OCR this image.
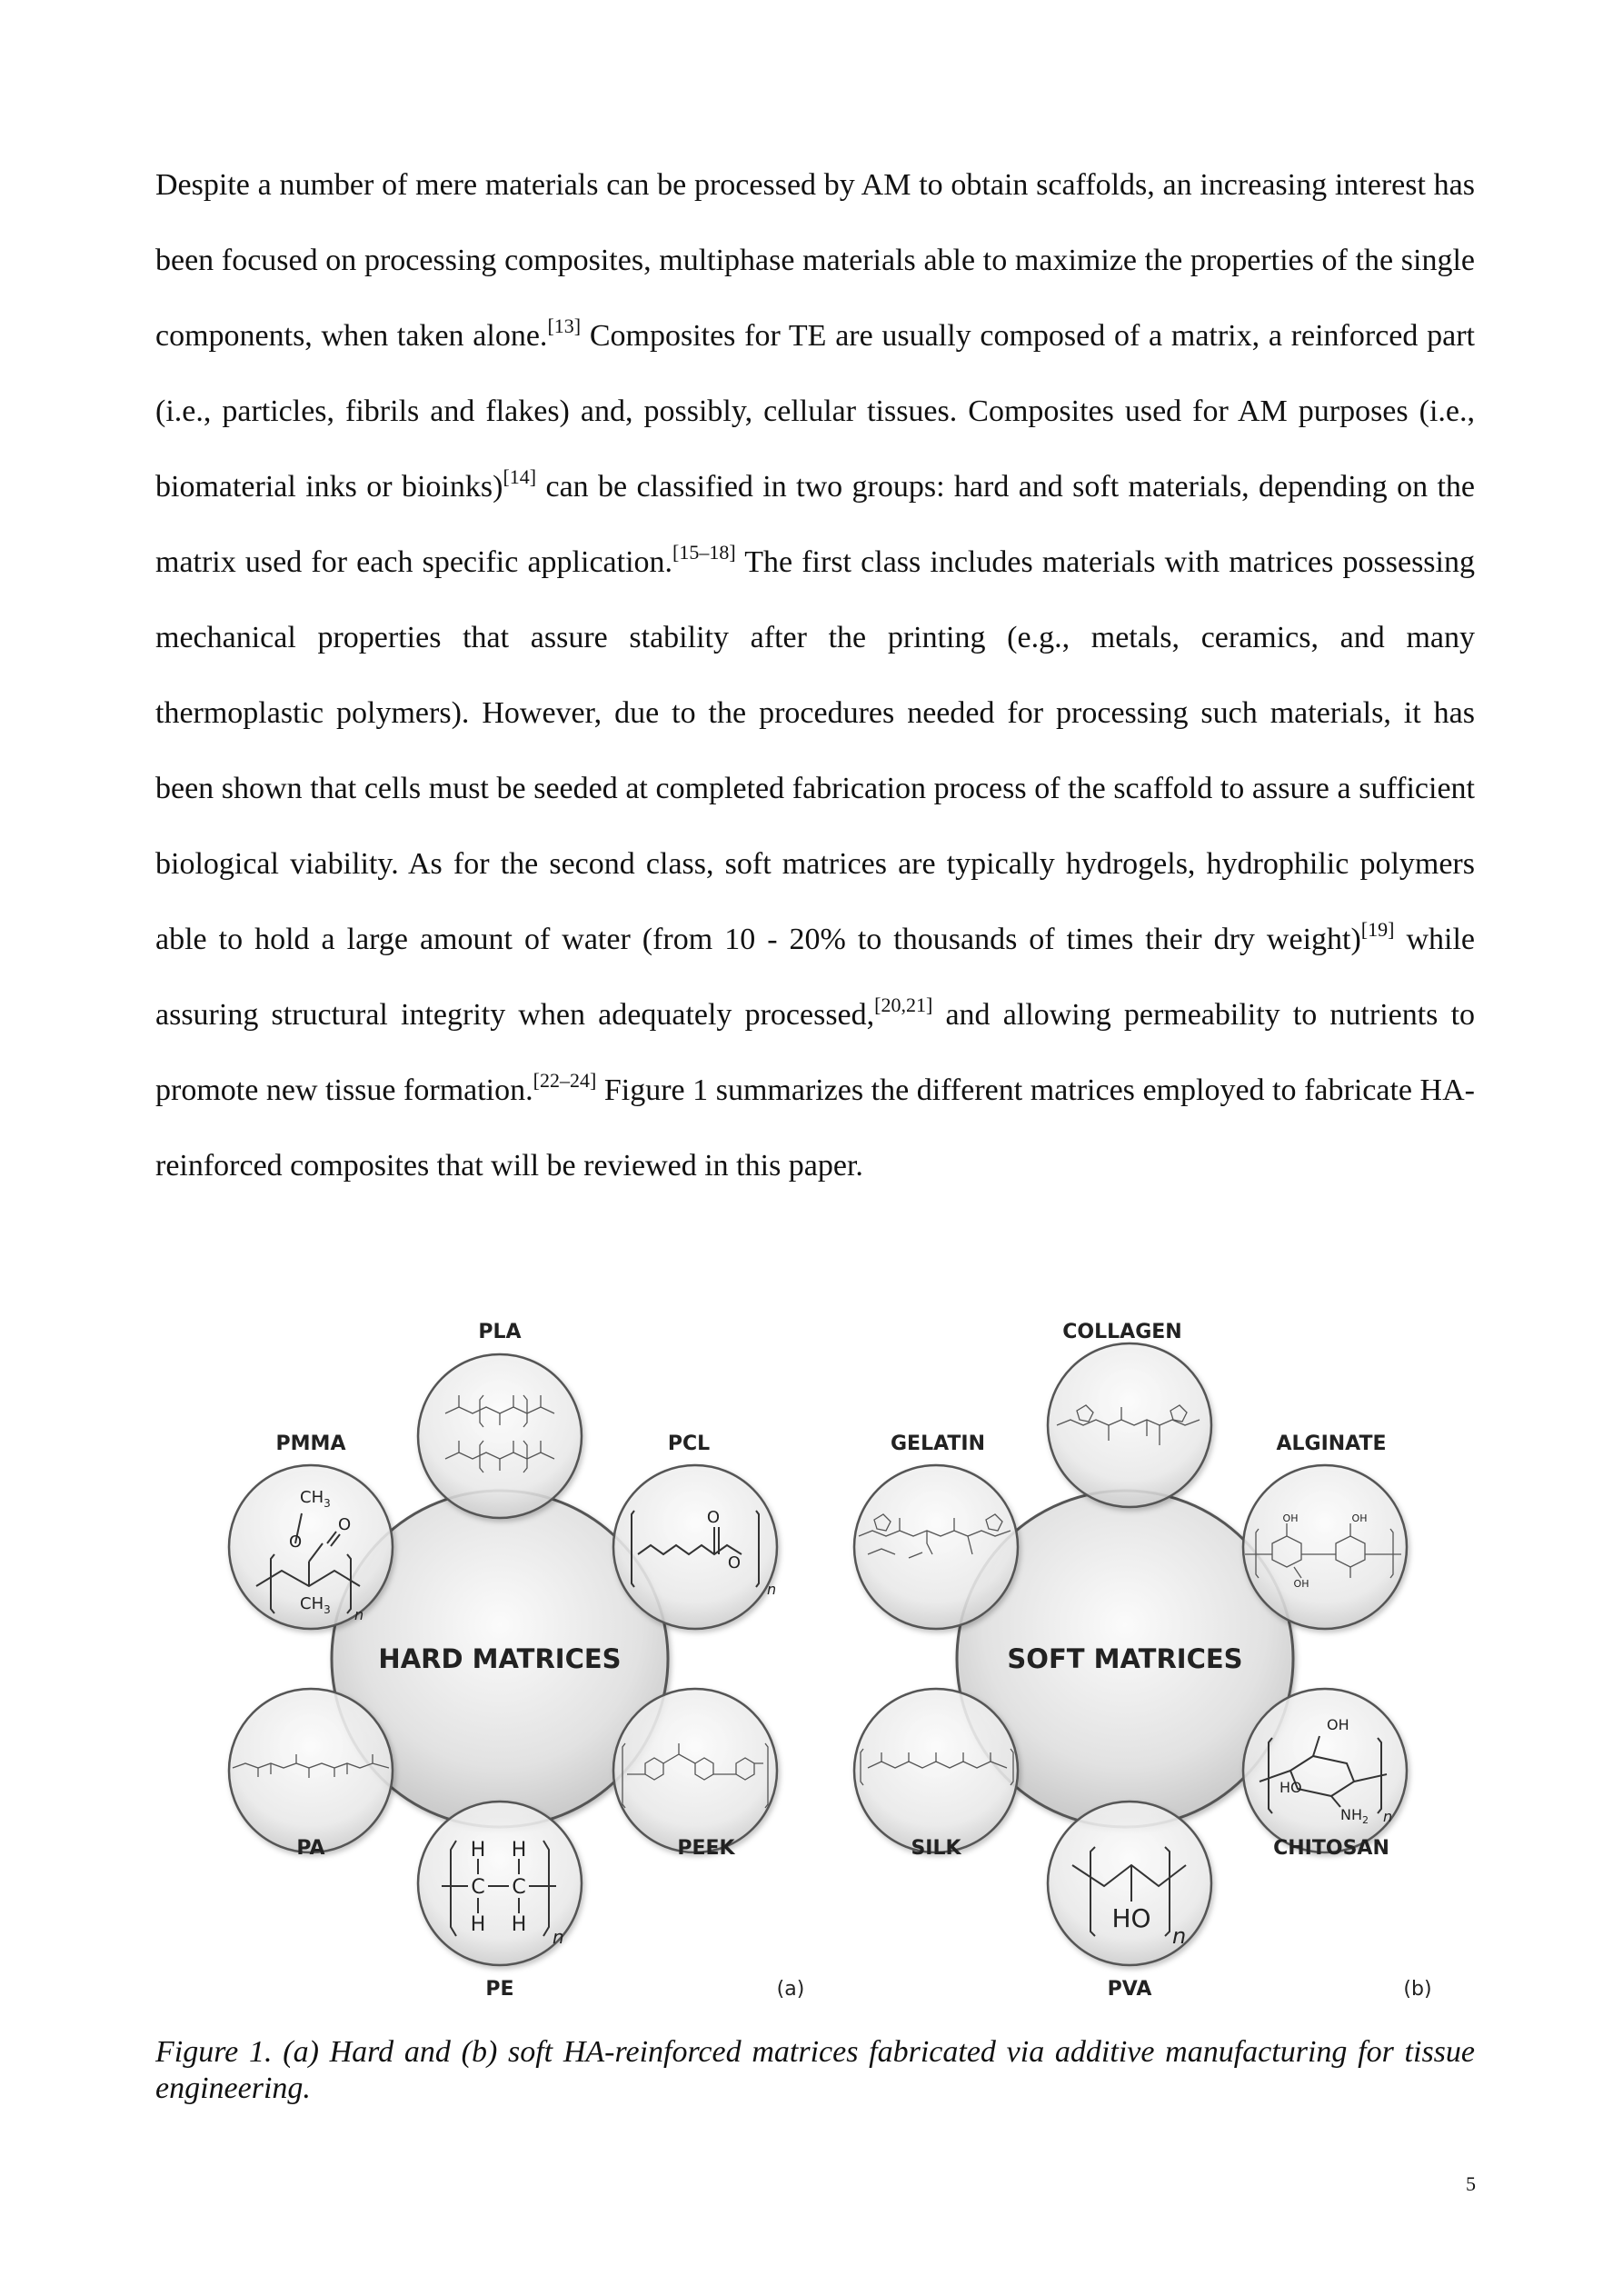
Despite a number of mere materials can be processed by AM to obtain scaffolds, an increasing interest has been focused on processing composites, multiphase materials able to maximize the properties of the single components, when taken alone.[13] Composites for TE are usually composed of a matrix, a reinforced part (i.e., particles, fibrils and flakes) and, possibly, cellular tissues. Composites used for AM purposes (i.e., biomaterial inks or bioinks)[14] can be classified in two groups: hard and soft materials, depending on the matrix used for each specific application.[15–18] The first class includes materials with matrices possessing mechanical properties that assure stability after the printing (e.g., metals, ceramics, and many thermoplastic polymers). However, due to the procedures needed for processing such materials, it has been shown that cells must be seeded at completed fabrication process of the scaffold to assure a sufficient biological viability. As for the second class, soft matrices are typically hydrogels, hydrophilic polymers able to hold a large amount of water (from 10 - 20% to thousands of times their dry weight)[19] while assuring structural integrity when adequately processed,[20,21] and allowing permeability to nutrients to promote new tissue formation.[22–24] Figure 1 summarizes the different matrices employed to fabricate HA-reinforced composites that will be reviewed in this paper.

HARD MATRICES
PLA
O
O
n
PCL
PEEK
H H
C C
H H
n
PE
PA
$CH_3$
O
O
$CH_3$ n
PMMA
(a)
SOFT MATRICES
COLLAGEN
OH	OH
OH
ALGINATE
OH
HO
$NH_2$ n
CHITOSAN
HO
n
PVA
SILK
GELATIN
(b)

Figure 1. (a) Hard and (b) soft HA-reinforced matrices fabricated via additive manufacturing for tissue engineering.

5
